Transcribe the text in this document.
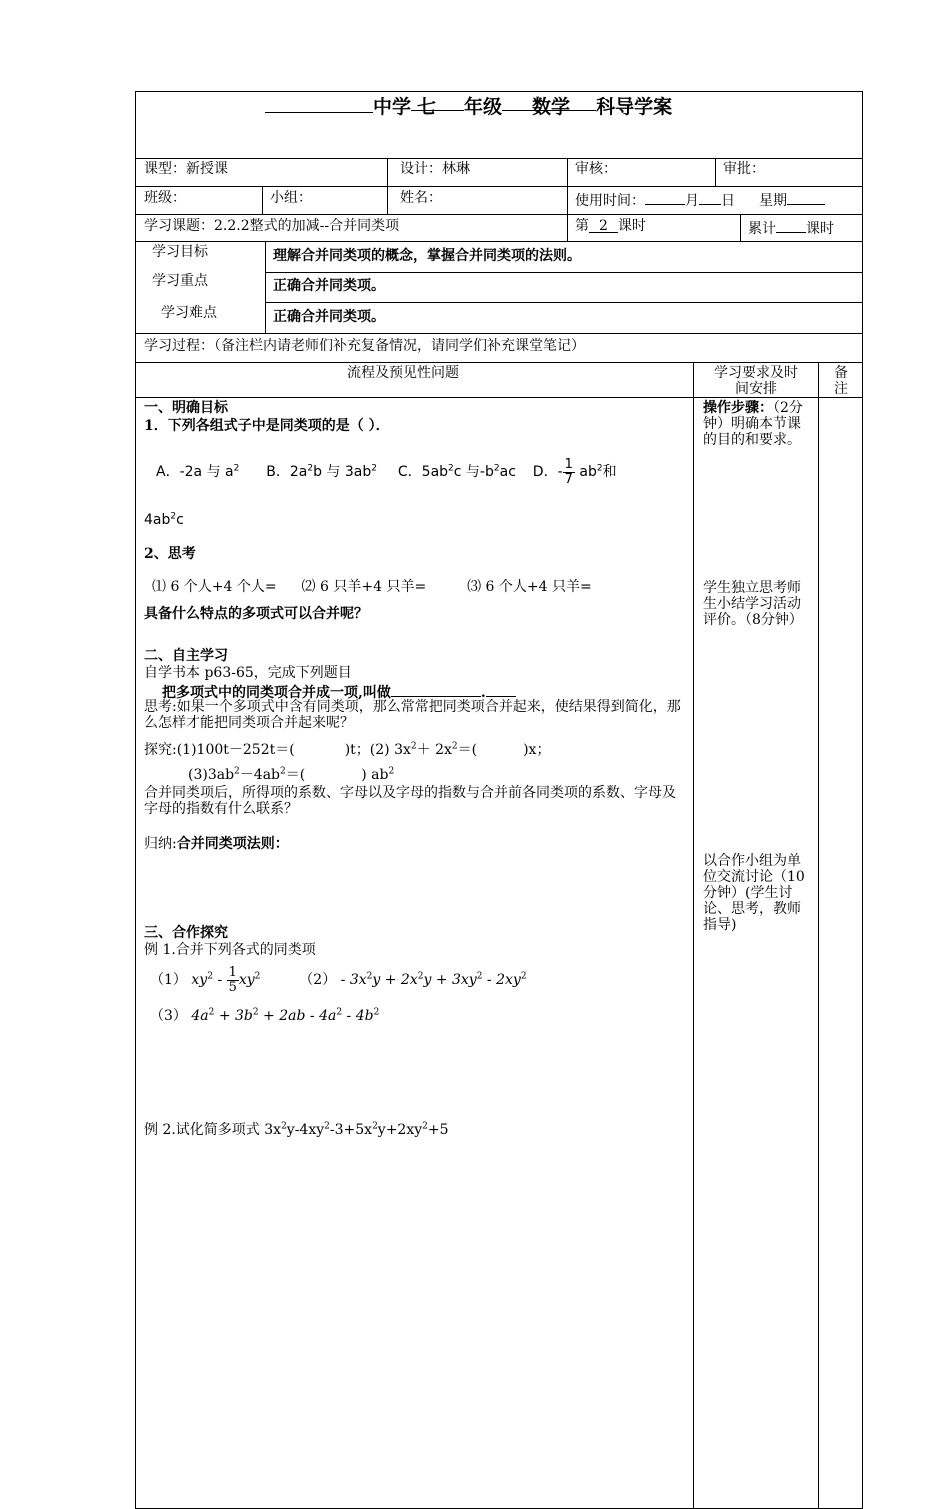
中学 七 年级 数学 科导学案
课型：新授课	设计：林琳	审核：	审批：
班级：	小组：	姓名：	使用时间：	月 日 星期
学习课题：2.2.2整式的加减--合并同类项	第 2 课时	累计 课时
学习目标	理解合并同类项的概念，掌握合并同类项的法则。
学习重点	正确合并同类项。
学习难点	正确合并同类项。
学习过程：（备注栏内请老师们补充复备情况，请同学们补充课堂笔记）
流程及预见性问题	学习要求及时
间安排
备
注
一、明确目标
1．下列各组式子中是同类项的是（ ）．
A．-2a 与 $a^2$ B．$2a^2b$ 与 $3ab^2$ C．$5ab^2c$ 与$-b^2ac$ D．- $\frac{1}{7} ab^2$和
$4ab^2c$
2、思考
⑴ 6 个人+4 个人= ⑵ 6 只羊+4 只羊=	⑶ 6 个人+4 只羊=
具备什么特点的多项式可以合并呢？
二、自主学习
自学书本 p63-65，完成下列题目
把多项式中的同类项合并成一项,叫做	.
思考:如果一个多项式中含有同类项，那么常常把同类项合并起来，使结果得到简化，那么怎样才能把同类项合并起来呢？
探究:(1)100t－252t＝(	)t；(2) $3x^2+ 2x^2=$(	)x；
$(3)3ab^2-4ab^2=$(	) $ab^2$
合并同类项后，所得项的系数、字母以及字母的指数与合并前各同类项的系数、字母及字母的指数有什么联系？
归纳:合并同类项法则：
三、合作探究
例 1.合并下列各式的同类项
（1） $xy^2 - \frac{1}{5} xy^2$	$(2) - 3x^2y + 2x^2y + 3xy^2 - 2xy^2$
（3） $4a^2 + 3b^2 + 2ab - 4a^2 - 4b^2$
例 2.试化简多项式 $3x^2y-4xy^2-3+5x^2y+2xy^2+5$
操作步骤：（2分钟）明确本节课的目的和要求。
学生独立思考师生小结学习活动评价。（8分钟）
以合作小组为单位交流讨论（10分钟）(学生讨论、思考，教师指导)
